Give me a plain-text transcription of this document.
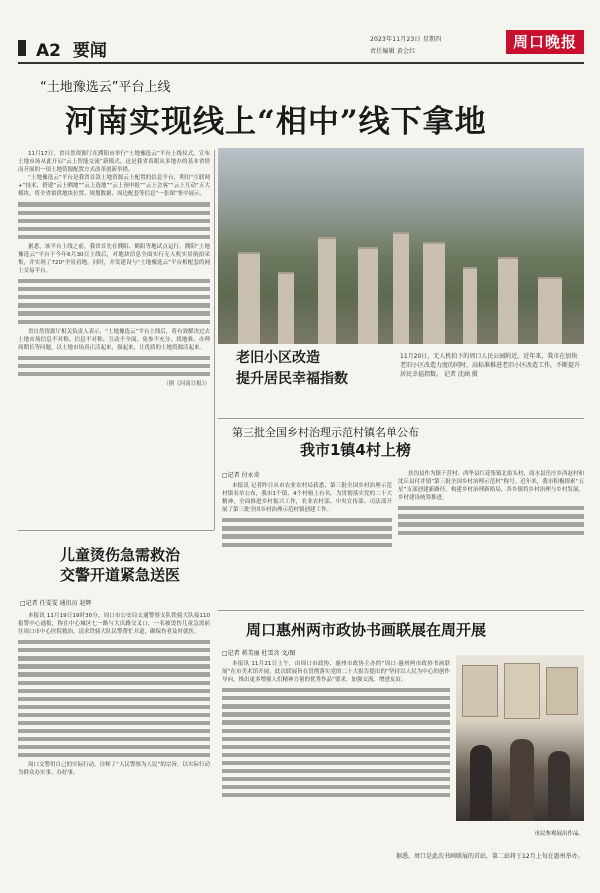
A2 要闻
2023年11月23日 星期四
责任编辑 黄会红
周口晚报
“土地豫选云”平台上线
河南实现线上“相中”线下拿地
老旧小区改造
提升居民幸福指数
11月20日，无人机拍下的周口人民公园附近。近年来，我市在加快老旧小区改造力度的同时，高标准推进老旧小区改造工作，不断提升居民幸福指数。 记者 沈涵 摄

11月17日，省自然资源厅在濮阳市举行“土地豫选云”平台上线仪式，宣布土地市场从此开启“云上智能交流”新模式，这是我省着眼从多地办的基本省情而开展的一项土地资源配置方式改革创新举措。

“土地豫选云”平台是我省首款土地资源云上配置的信息平台，利用“互联网+”技术，搭建“云上晒地”“云上选地”“云上预申报”“云上会客”“云上互动”五大模块，将全省拟供地块位置、规划数据、周边配套等信息“一张图”集中展示。

据悉，该平台上线之前，我省首先在濮阳、鹤阳等地试点运行。濮阳“土地豫选云”平台于今年6月30日上线后，对地块信息全面实行无人机实景航拍采集，并实现了720°全景看地。同时，开发建设与“土地豫选云”平台相配套的网上交易平台。

省自然资源厅相关负责人表示，“土地豫选云”平台上线后，将有效解决过去土地市场信息不对称、信息不对称、互动不全面、免参不充分、找地难、办理周期长等问题，以土地市场真正活起来，强起来，让优质的土地资源活起来。

（据《河南日报》）

儿童烫伤急需救治
交警开道紧急送医
□记者 任雯雯 通讯员 赵辉

本报讯 11月19日19时30分，周口市公安局交通警察支队铁骑大队接110报警中心通报，称在中心城区七一路与大庆路交叉口，一名被烫伤儿童急需前往周口市中心医院救治，请求铁骑大队民警帮忙开道，确保伤者及时就医。

周口交警用自己的实际行动，诠释了“人民警察为人民”的宗旨，以实际行动为群众办实事、办好事。

第三批全国乡村治理示范村镇名单公布
我市1镇4村上榜
□记者 付永奇

本报讯 记者昨日从市农业农村局获悉，第三批全国乡村治理示范村镇名单公布，我市1个镇、4个村榜上有名。为贯彻落实党的二十大精神，全面推进乡村振兴工作，农业农村部、中央宣传部、司法部开展了第三批全国乡村治理示范村镇创建工作。

扶沟县作为镇干营村、西华县红花集镇北街头村、商水县岳庄乡西赵村和沈丘县付井镇“第三批全国乡村治理示范村”称号。近年来，我市积极探索“五星”支部创建新路径，构建乡村治理新格局，各乡镇将乡村治理与乡村发展、乡村建设统筹推进。

周口惠州两市政协书画联展在周开展
□记者 蒋美丽 杜雪含 文/图

本报讯 11月21日上午，由周口市政协、惠州市政协主办的“周口·惠州两市政协书画联展”在市美术馆开展。此次联展旨在贯彻落实党的二十大报告提出的“坚持以人民为中心的创作导向，推出更多增强人们精神力量的优秀作品”要求，加强交流、增进友谊。

市民参观展出作品。
据悉，周口是此次书画联展的首站，第二站将于12月上旬在惠州举办。
